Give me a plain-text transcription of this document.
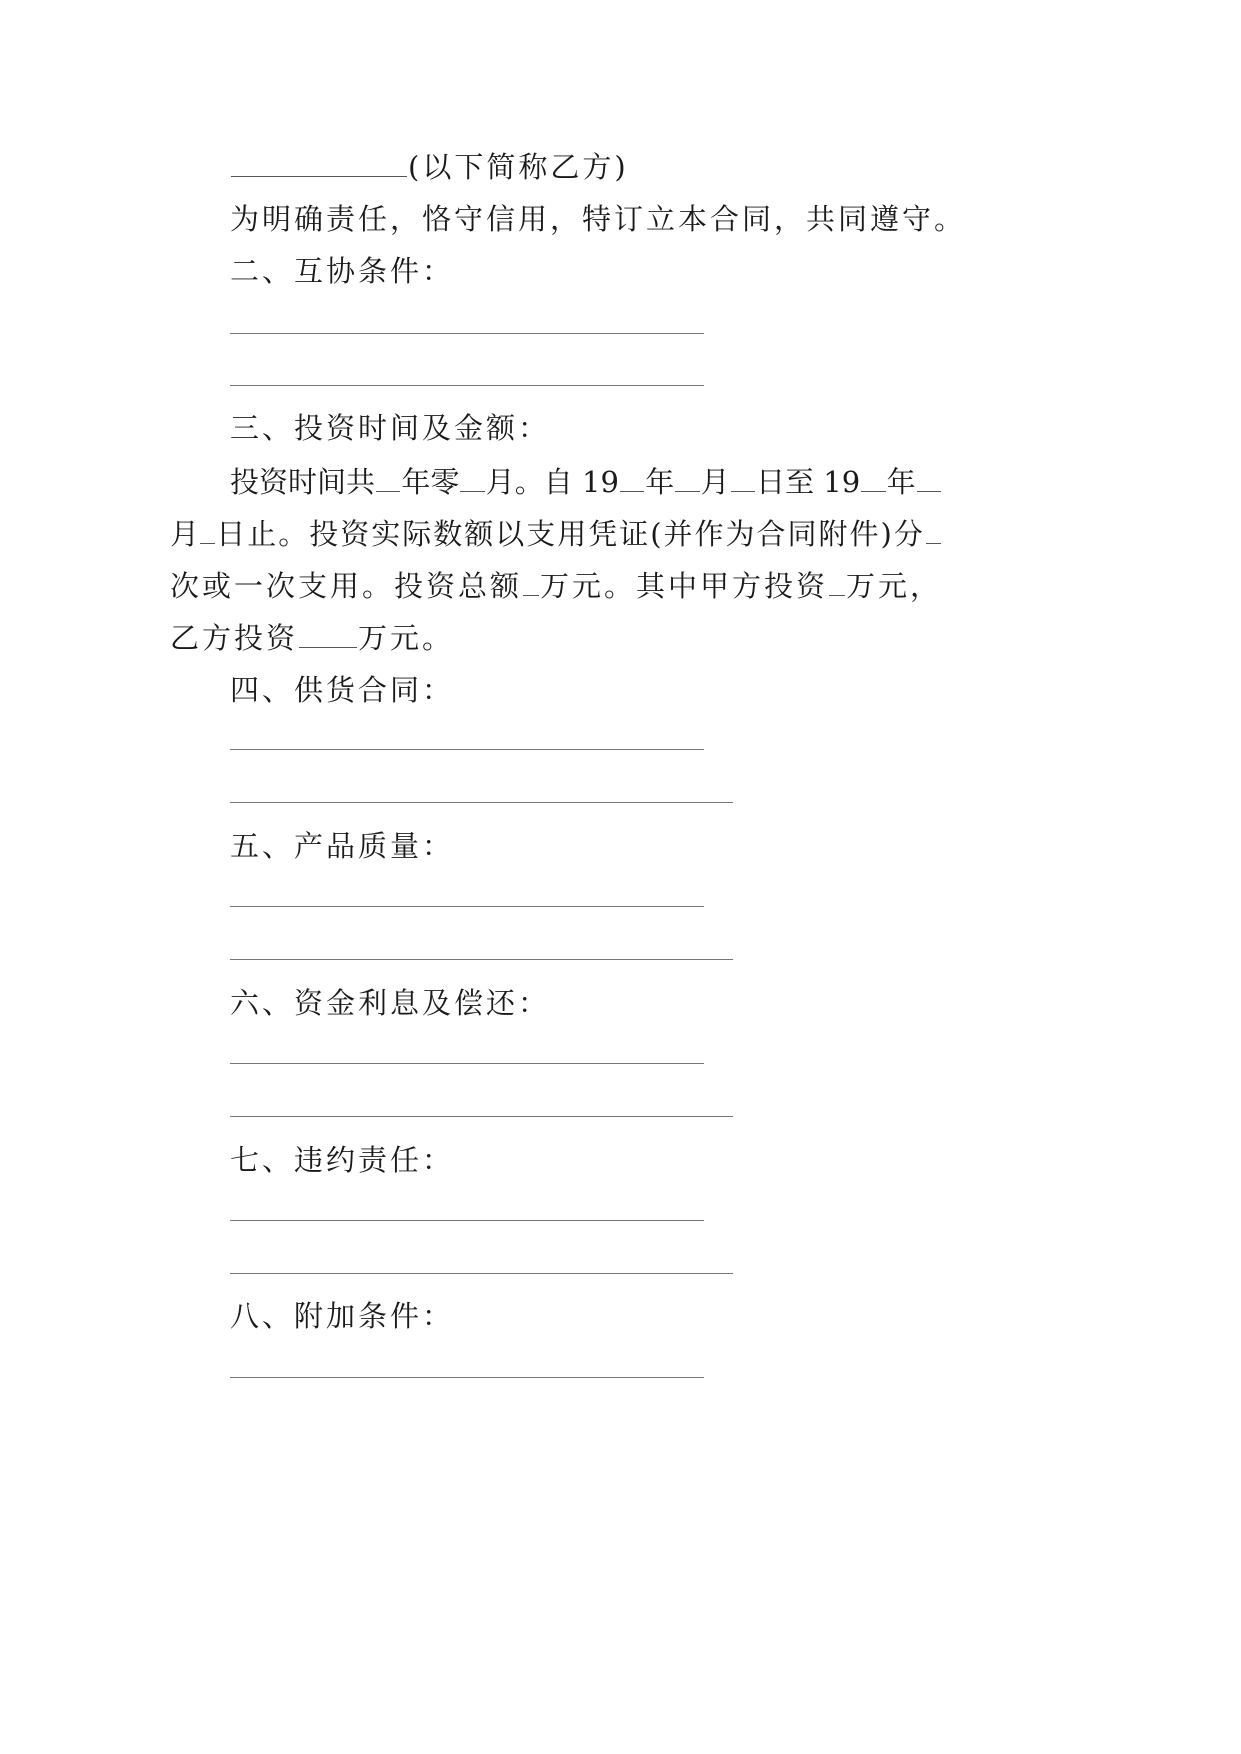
(以下简称乙方)
为明确责任，恪守信用，特订立本合同，共同遵守。
二、互协条件：
三、投资时间及金额：
投资时间共 年零 月。自 19 年 月 日至 19 年
月 日止。投资实际数额以支用凭证(并作为合同附件)分
次或一次支用。投资总额 万元。其中甲方投资 万元，
乙方投资 万元。
四、供货合同：
五、产品质量：
六、资金利息及偿还：
七、违约责任：
八、附加条件：
